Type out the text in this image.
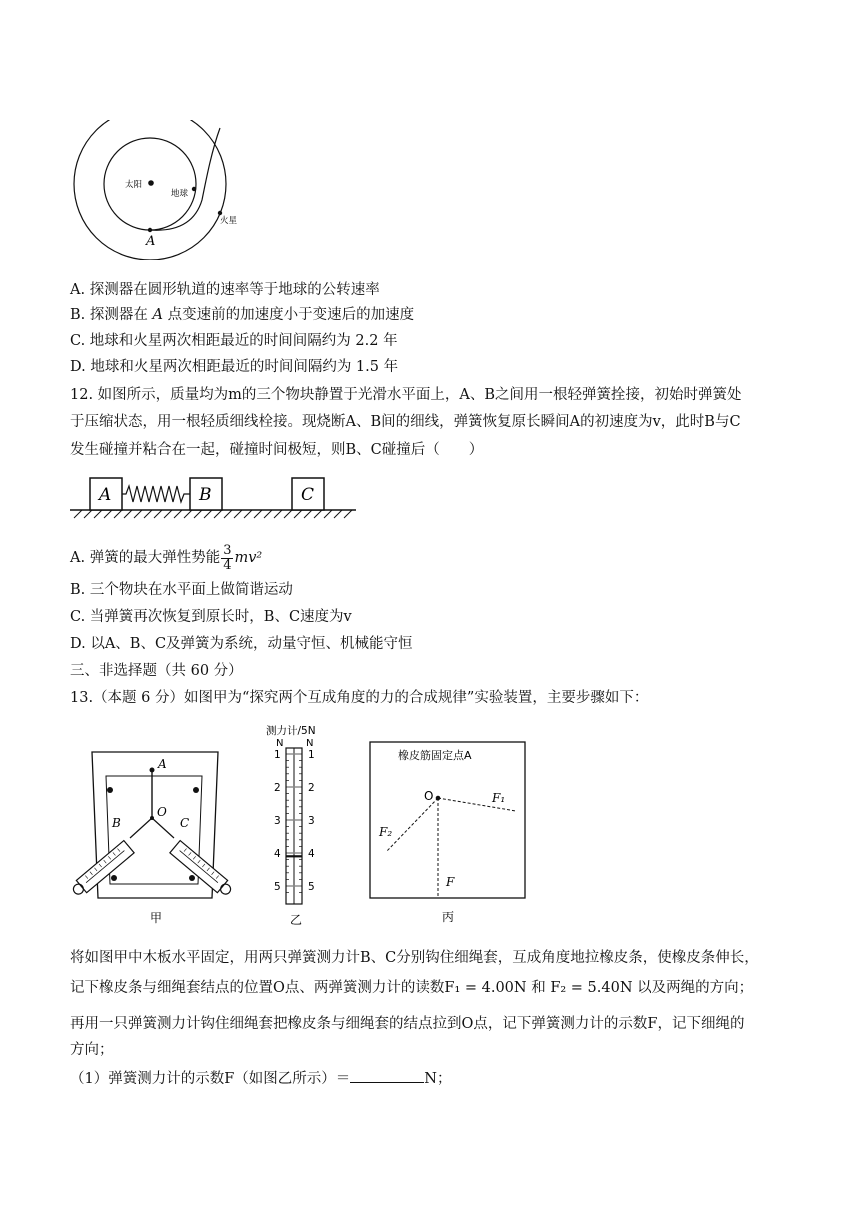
太阳
地球
火星
A
A. 探测器在圆形轨道的速率等于地球的公转速率
B. 探测器在 A 点变速前的加速度小于变速后的加速度
C. 地球和火星两次相距最近的时间间隔约为 2.2 年
D. 地球和火星两次相距最近的时间间隔约为 1.5 年
12. 如图所示，质量均为m的三个物块静置于光滑水平面上，A、B之间用一根轻弹簧拴接，初始时弹簧处
于压缩状态，用一根轻质细线栓接。现烧断A、B间的细线，弹簧恢复原长瞬间A的初速度为v，此时B与C
发生碰撞并粘合在一起，碰撞时间极短，则B、C碰撞后（　　）
A	B	C
A. 弹簧的最大弹性势能 $\frac{3}{4} mv^2$
B. 三个物块在水平面上做简谐运动
C. 当弹簧再次恢复到原长时，B、C速度为v
D. 以A、B、C及弹簧为系统，动量守恒、机械能守恒
三、非选择题（共 60 分）
13.（本题 6 分）如图甲为“探究两个互成角度的力的合成规律”实验装置，主要步骤如下：
A
O
B	C
甲
测力计/5N
N N
1	1
2	2
3	3
4	4
5	5
乙
橡皮筋固定点A
O	F₁
F₂
F
丙
将如图甲中木板水平固定，用两只弹簧测力计B、C分别钩住细绳套，互成角度地拉橡皮条，使橡皮条伸长，
记下橡皮条与细绳套结点的位置O点、两弹簧测力计的读数F₁ = 4.00N 和 F₂ = 5.40N 以及两绳的方向；
再用一只弹簧测力计钩住细绳套把橡皮条与细绳套的结点拉到O点，记下弹簧测力计的示数F，记下细绳的
方向；
（1）弹簧测力计的示数F（如图乙所示）＝	N；
